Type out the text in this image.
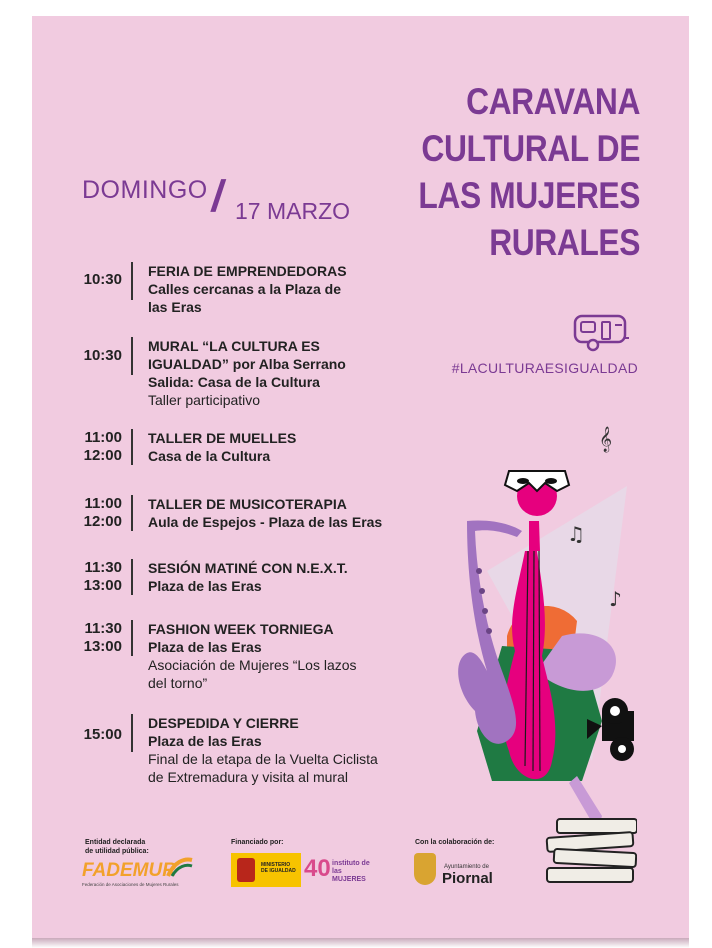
CARAVANA
CULTURAL DE
LAS MUJERES
RURALES
DOMINGO / 17 MARZO
#LACULTURAESIGUALDAD
10:30 FERIA DE EMPRENDEDORAS
Calles cercanas a la Plaza de
las Eras
10:30
MURAL “LA CULTURA ES
IGUALDAD” por Alba Serrano
Salida: Casa de la Cultura
Taller participativo
11:00
12:00
TALLER DE MUELLES
Casa de la Cultura
11:00
12:00
TALLER DE MUSICOTERAPIA
Aula de Espejos - Plaza de las Eras
11:30
13:00
SESIÓN MATINÉ CON N.E.X.T.
Plaza de las Eras
11:30
13:00
FASHION WEEK TORNIEGA
Plaza de las Eras
Asociación de Mujeres “Los lazos
del torno”
15:00
DESPEDIDA Y CIERRE
Plaza de las Eras
Final de la etapa de la Vuelta Ciclista
de Extremadura y visita al mural
𝄞
♫
♪
Entidad declarada
de utilidad pública:
FADEMUR
Federación de Asociaciones de Mujeres Rurales
Financiado por:
MINISTERIO
DE IGUALDAD 40 instituto de las
MUJERES
Con la colaboración de:
Ayuntamiento de
Piornal
